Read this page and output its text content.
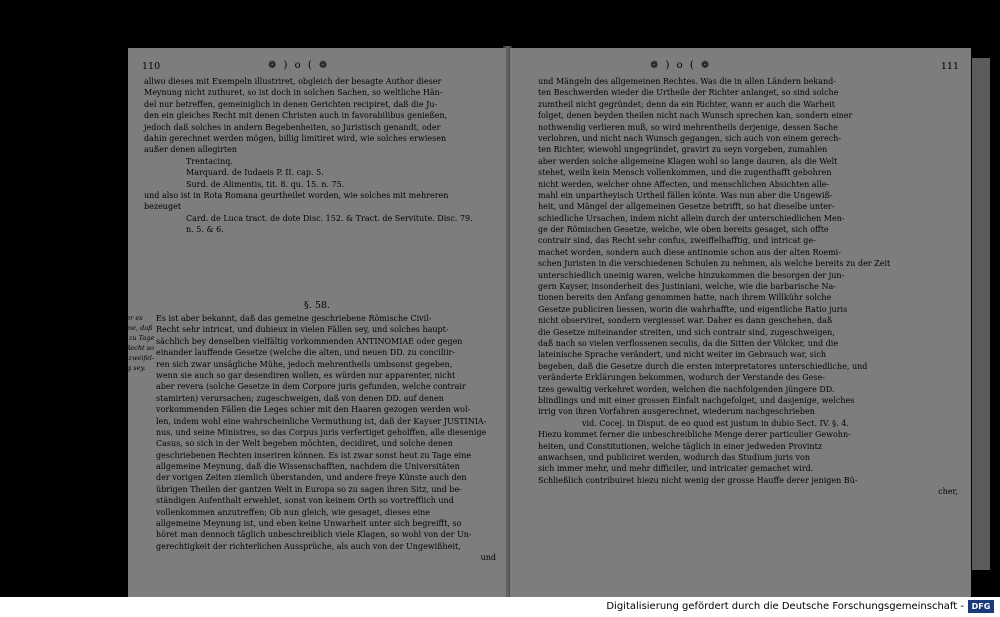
110	❁ ) o ( ❁
allwo dieses mit Exempeln illustriret, obgleich der besagte Author dieser
Meynung nicht zuthuret, so ist doch in solchen Sachen, so weltliche Hän-
del nur betreffen, gemeiniglich in denen Gerichten recipiret, daß die Ju-
den ein gleiches Recht mit denen Christen auch in favorabilibus genießen,
jedoch daß solches in andern Begebenheiten, so Juristisch genandt, oder
dahin gerechnet werden mögen, billig limitiret wird, wie solches erwiesen
außer denen allegirten
Trentacinq.
Marquard. de Iudaeis P. II. cap. 5.
Surd. de Alimentis, tit. 8. qu. 15. n. 75.
und also ist in Rota Romana geurtheilet worden, wie solches mit mehreren
bezeuget
Card. de Luca tract. de dote Disc. 152. & Tract. de Servitute. Disc. 79.
n. 5. & 6.
§. 58.
Woher es
komme, daß
heut zu Tage
das Recht so
sehr zweifel-
haftig sey.
Es ist aber bekannt, daß das gemeine geschriebene Römische Civil-
Recht sehr intricat, und dubieux in vielen Fällen sey, und solches haupt-
sächlich bey denselben vielfältig vorkommenden ANTINOMIAE oder gegen
einander lauffende Gesetze (welche die alten, und neuen DD. zu conciliir-
ren sich zwar unsägliche Mühe, jedoch mehrentheils umbsonst gegeben,
wenn sie auch so gar desendiren wollen, es würden nur apparenter, nicht
aber revera (solche Gesetze in dem Corpore juris gefunden, welche contrair
stamirten) verursachen; zugeschweigen, daß von denen DD. auf denen
vorkommenden Fällen die Leges schier mit den Haaren gezogen werden wol-
len, indem wohl eine wahrscheinliche Vermuthung ist, daß der Kayser JUSTINIA-
nus, und seine Ministres, so das Corpus juris verfertiget geholffen, alle diesenige
Casus, so sich in der Welt begeben möchten, decidiret, und solche denen
geschriebenen Rechten inseriren können. Es ist zwar sonst heut zu Tage eine
allgemeine Meynung, daß die Wissenschafften, nachdem die Universitäten
der vorigen Zeiten ziemlich überstanden, und andere freye Künste auch den
übrigen Theilen der gantzen Welt in Europa so zu sagen ihren Sitz, und be-
ständigen Aufenthalt erwehlet, sonst von keinem Orth so vortrefflich und
vollenkommen anzutreffen; Ob nun gleich, wie gesaget, dieses eine
allgemeine Meynung ist, und eben keine Unwarheit unter sich begreifft, so
höret man dennoch täglich unbeschreiblich viele Klagen, so wohl von der Un-
gerechtigkeit der richterlichen Aussprüche, als auch von der Ungewißheit,
und
❁ ) o ( ❁	111
und Mängeln des allgemeinen Rechtes. Was die in allen Ländern bekand-
ten Beschwerden wieder die Urtheile der Richter anlanget, so sind solche
zumtheil nicht gegründet; denn da ein Richter, wann er auch die Warheit
folget, denen beyden theilen nicht nach Wunsch sprechen kan, sondern einer
nothwendig verlieren muß, so wird mehrentheils derjenige, dessen Sache
verlohren, und nicht nach Wunsch gegangen, sich auch von einem gerech-
ten Richter, wiewohl ungegründet, gravirt zu seyn vorgeben, zumahlen
aber werden solche allgemeine Klagen wohl so lange dauren, als die Welt
stehet, weiln kein Mensch vollenkommen, und die zugenthafft gebohren
nicht werden, welcher ohne Affecten, und menschlichen Absichten alle-
mahl ein unpartheyisch Urtheil fällen könte. Was nun aber die Ungewiß-
heit, und Mängel der allgemeinen Gesetze betrifft, so hat dieselbe unter-
schiedliche Ursachen, indem nicht allein durch der unterschiedlichen Men-
ge der Römischen Gesetze, welche, wie oben bereits gesaget, sich offte
contrair sind, das Recht sehr confus, zweiffelhafftig, und intricat ge-
machet worden, sondern auch diese antinomie schon aus der alten Roemi-
schen Juristen in die verschiedenen Schulen zu nehmen, als welche bereits zu der Zeit
unterschiedlich uneinig waren, welche hinzukommen die besorgen der jun-
gern Kayser, insonderheit des Justiniani, welche, wie die barbarische Na-
tionen bereits den Anfang genommen hatte, nach ihrem Willkühr solche
Gesetze publiciren liessen, worin die wahrhaffte, und eigentliche Ratio juris
nicht observiret, sondern vergiesset war. Daher es dann geschehen, daß
die Gesetze miteinander streiten, und sich contrair sind, zugeschweigen,
daß nach so vielen verflossenen seculis, da die Sitten der Völcker, und die
lateinische Sprache verändert, und nicht weiter im Gebrauch war, sich
begeben, daß die Gesetze durch die ersten interpretatores unterschiedliche, und
veränderte Erklärungen bekommen, wodurch der Verstande des Gese-
tzes gewaltig verkehret worden, welchen die nachfolgenden jüngere DD.
blindlings und mit einer grossen Einfalt nachgefolget, und dasjenige, welches
irrig von ihren Vorfahren ausgerechnet, wiederum nachgeschrieben
vid. Cocej. in Disput. de eo quod est justum in dubio Sect. IV. §. 4.
Hiezu kommet ferner die unbeschreibliche Menge derer particulier Gewohn-
heiten, und Constitutionen, welche täglich in einer jedweden Provintz
anwachsen, und publiciret werden, wodurch das Studium juris von
sich immer mehr, und mehr difficiler, und intricater gemachet wird.
Schließlich contribuiret hiezu nicht wenig der grosse Hauffe derer jenigen Bü-
cher,
Digitalisierung gefördert durch die Deutsche Forschungsgemeinschaft - DFG
